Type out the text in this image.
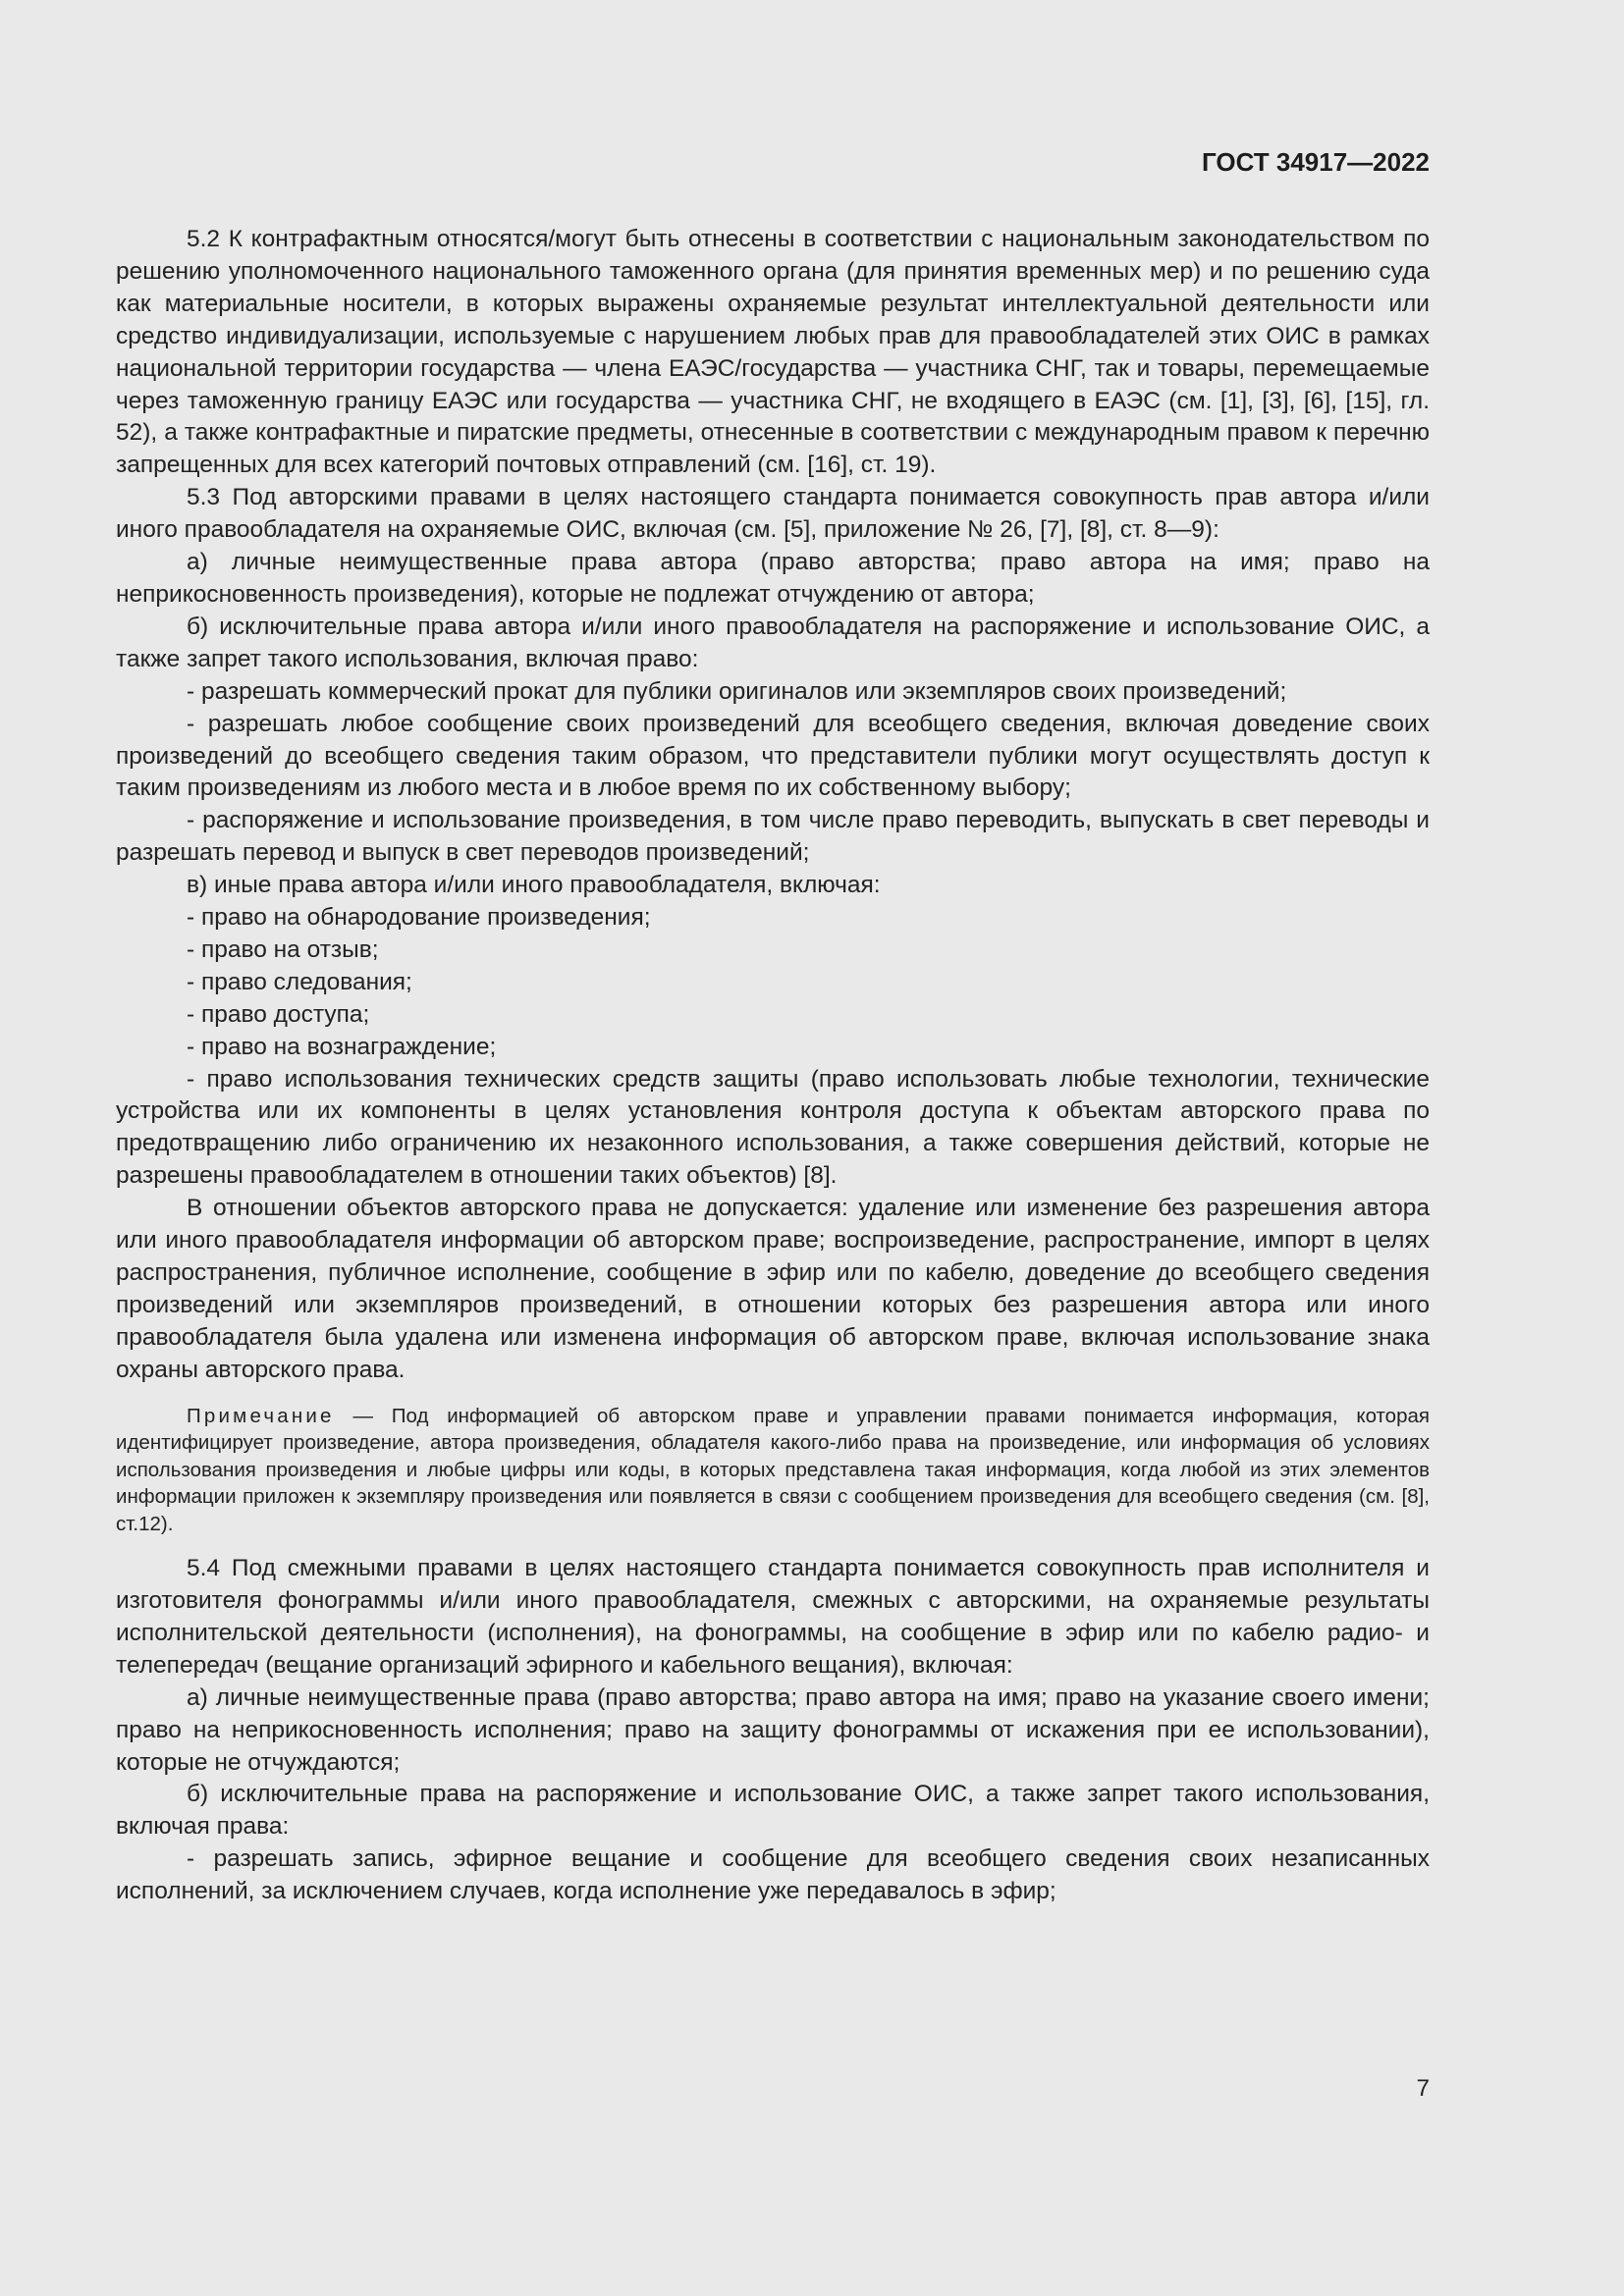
ГОСТ 34917—2022

5.2 К контрафактным относятся/могут быть отнесены в соответствии с национальным законодательством по решению уполномоченного национального таможенного органа (для принятия временных мер) и по решению суда как материальные носители, в которых выражены охраняемые результат интеллектуальной деятельности или средство индивидуализации, используемые с нарушением любых прав для правообладателей этих ОИС в рамках национальной территории государства — члена ЕАЭС/государства — участника СНГ, так и товары, перемещаемые через таможенную границу ЕАЭС или государства — участника СНГ, не входящего в ЕАЭС (см. [1], [3], [6], [15], гл. 52), а также контрафактные и пиратские предметы, отнесенные в соответствии с международным правом к перечню запрещенных для всех категорий почтовых отправлений (см. [16], ст. 19).

5.3 Под авторскими правами в целях настоящего стандарта понимается совокупность прав автора и/или иного правообладателя на охраняемые ОИС, включая (см. [5], приложение № 26, [7], [8], ст. 8—9):

а) личные неимущественные права автора (право авторства; право автора на имя; право на неприкосновенность произведения), которые не подлежат отчуждению от автора;

б) исключительные права автора и/или иного правообладателя на распоряжение и использование ОИС, а также запрет такого использования, включая право:

- разрешать коммерческий прокат для публики оригиналов или экземпляров своих произведений;

- разрешать любое сообщение своих произведений для всеобщего сведения, включая доведение своих произведений до всеобщего сведения таким образом, что представители публики могут осуществлять доступ к таким произведениям из любого места и в любое время по их собственному выбору;

- распоряжение и использование произведения, в том числе право переводить, выпускать в свет переводы и разрешать перевод и выпуск в свет переводов произведений;

в) иные права автора и/или иного правообладателя, включая:

- право на обнародование произведения;

- право на отзыв;

- право следования;

- право доступа;

- право на вознаграждение;

- право использования технических средств защиты (право использовать любые технологии, технические устройства или их компоненты в целях установления контроля доступа к объектам авторского права по предотвращению либо ограничению их незаконного использования, а также совершения действий, которые не разрешены правообладателем в отношении таких объектов) [8].

В отношении объектов авторского права не допускается: удаление или изменение без разрешения автора или иного правообладателя информации об авторском праве; воспроизведение, распространение, импорт в целях распространения, публичное исполнение, сообщение в эфир или по кабелю, доведение до всеобщего сведения произведений или экземпляров произведений, в отношении которых без разрешения автора или иного правообладателя была удалена или изменена информация об авторском праве, включая использование знака охраны авторского права.

Примечание — Под информацией об авторском праве и управлении правами понимается информация, которая идентифицирует произведение, автора произведения, обладателя какого-либо права на произведение, или информация об условиях использования произведения и любые цифры или коды, в которых представлена такая информация, когда любой из этих элементов информации приложен к экземпляру произведения или появляется в связи с сообщением произведения для всеобщего сведения (см. [8], ст.12).

5.4 Под смежными правами в целях настоящего стандарта понимается совокупность прав исполнителя и изготовителя фонограммы и/или иного правообладателя, смежных с авторскими, на охраняемые результаты исполнительской деятельности (исполнения), на фонограммы, на сообщение в эфир или по кабелю радио- и телепередач (вещание организаций эфирного и кабельного вещания), включая:

а) личные неимущественные права (право авторства; право автора на имя; право на указание своего имени; право на неприкосновенность исполнения; право на защиту фонограммы от искажения при ее использовании), которые не отчуждаются;

б) исключительные права на распоряжение и использование ОИС, а также запрет такого использования, включая права:

- разрешать запись, эфирное вещание и сообщение для всеобщего сведения своих незаписанных исполнений, за исключением случаев, когда исполнение уже передавалось в эфир;

7
